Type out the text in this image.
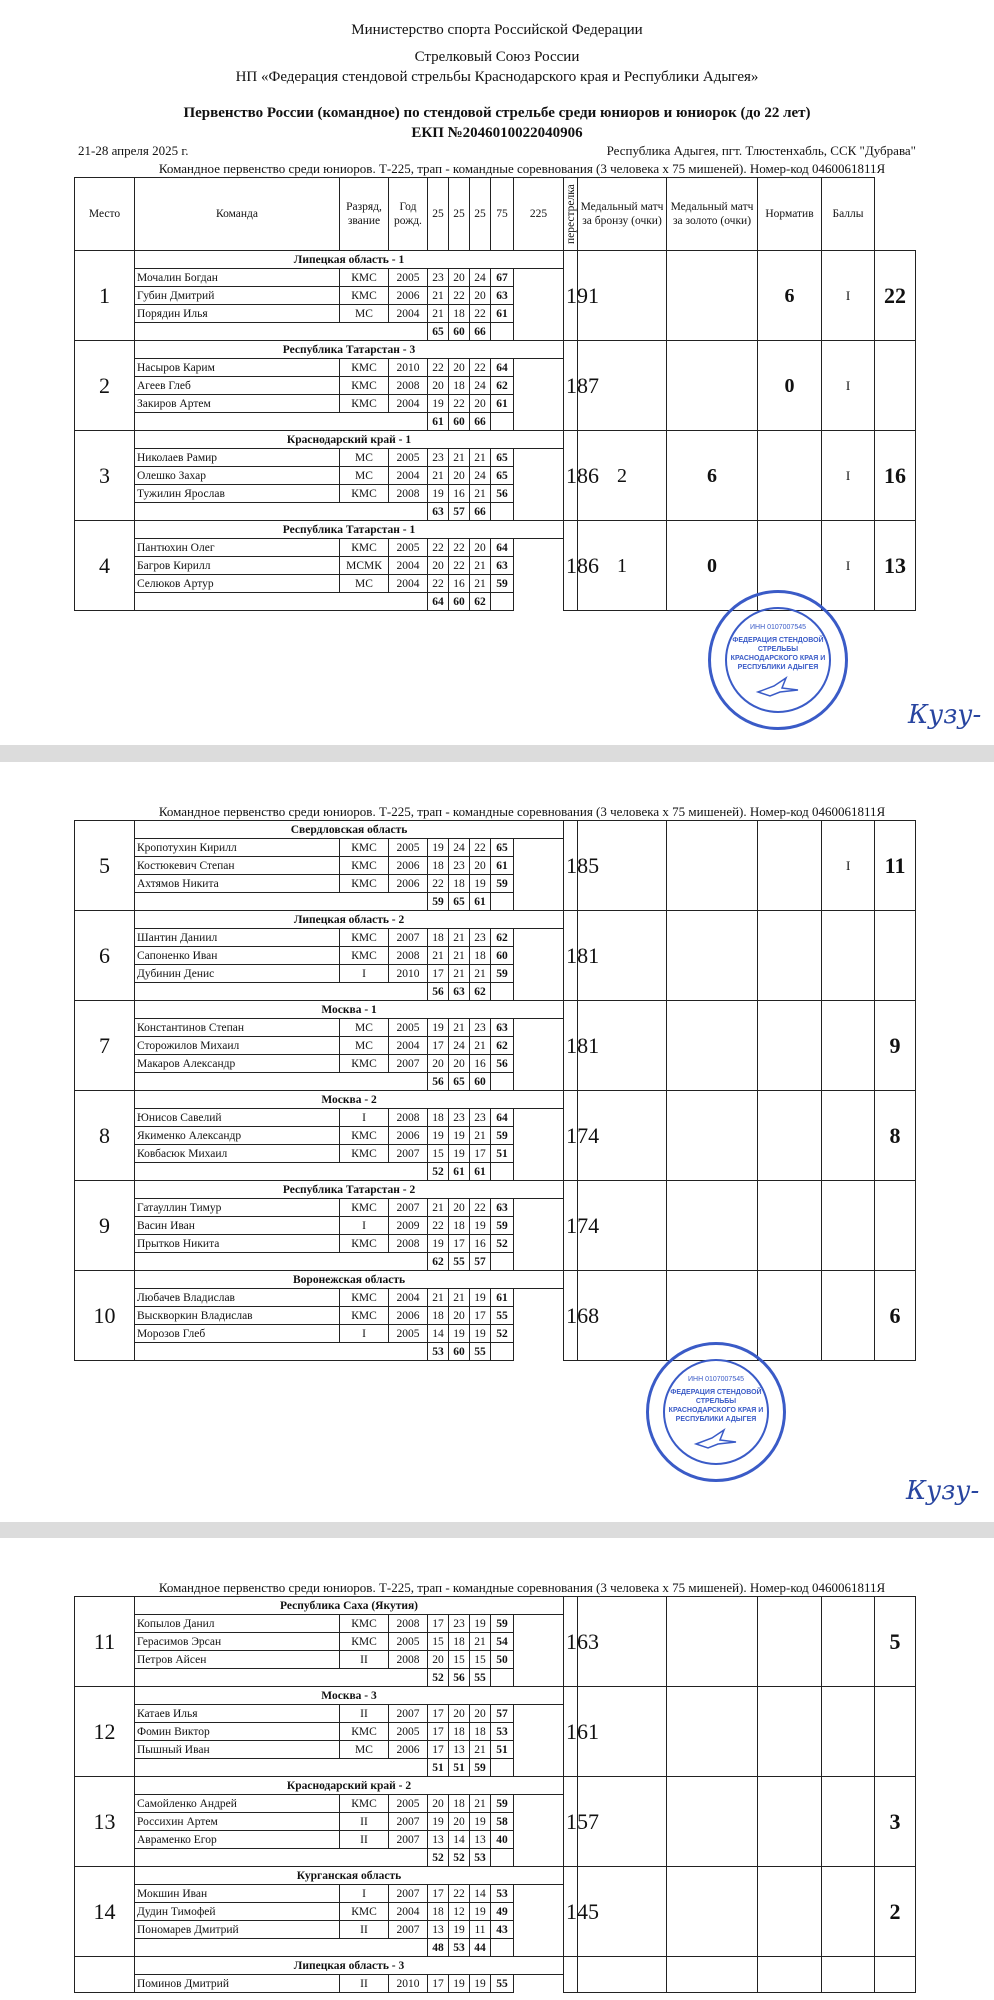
Министерство спорта Российской Федерации
Стрелковый Союз России
НП «Федерация стендовой стрельбы Краснодарского края и Республики Адыгея»
Первенство России (командное) по стендовой стрельбе среди юниоров и юниорок (до 22 лет)
ЕКП №2046010022040906
21-28 апреля 2025 г.	Республика Адыгея, пгт. Тлюстенхабль, ССК "Дубрава"
Командное первенство среди юниоров. Т-225, трап - командные соревнования (3 человека х 75 мишеней). Номер-код 0460061811Я
Место	Команда	Разряд, звание	Год рожд.	25	25	25	75	225	перестрелка	Медальный матч за бронзу (очки)	Медальный матч за золото (очки)	Норматив	Баллы	
1	Липецкая область - 1								191			6	I	22
	Мочалин Богдан	КМС	2005	23	20	24	67							
	Губин Дмитрий	КМС	2006	21	22	20	63							
	Порядин Илья	МС	2004	21	18	22	61							
				65	60	66								
2	Республика Татарстан - 3								187			0	I	
	Насыров Карим	КМС	2010	22	20	22	64							
	Агеев Глеб	КМС	2008	20	18	24	62							
	Закиров Артем	КМС	2004	19	22	20	61							
				61	60	66								
3	Краснодарский край - 1								186	2	6		I	16
	Николаев Рамир	МС	2005	23	21	21	65							
	Олешко Захар	МС	2004	21	20	24	65							
	Тужилин Ярослав	КМС	2008	19	16	21	56							
				63	57	66								
4	Республика Татарстан - 1								186	1	0		I	13
	Пантюхин Олег	КМС	2005	22	22	20	64							
	Багров Кирилл	МСМК	2004	20	22	21	63							
	Селюков Артур	МС	2004	22	16	21	59							
				64	60	62								
ИНН 0107007545
ФЕДЕРАЦИЯ СТЕНДОВОЙ СТРЕЛЬБЫ КРАСНОДАРСКОГО КРАЯ И РЕСПУБЛИКИ АДЫГЕЯ
Кузу-
Командное первенство среди юниоров. Т-225, трап - командные соревнования (3 человека х 75 мишеней). Номер-код 0460061811Я
5	Свердловская область							185				I	11
	Кропотухин Кирилл	КМС	2005	19	24	22	65						
	Костюкевич Степан	КМС	2006	18	23	20	61						
	Ахтямов Никита	КМС	2006	22	18	19	59						
				59	65	61							
6	Липецкая область - 2							181					
	Шантин Даниил	КМС	2007	18	21	23	62						
	Сапоненко Иван	КМС	2008	21	21	18	60						
	Дубинин Денис	I	2010	17	21	21	59						
				56	63	62							
7	Москва - 1							181					9
	Константинов Степан	МС	2005	19	21	23	63						
	Сторожилов Михаил	МС	2004	17	24	21	62						
	Макаров Александр	КМС	2007	20	20	16	56						
				56	65	60							
8	Москва - 2							174					8
	Юнисов Савелий	I	2008	18	23	23	64						
	Якименко Александр	КМС	2006	19	19	21	59						
	Ковбасюк Михаил	КМС	2007	15	19	17	51						
				52	61	61							
9	Республика Татарстан - 2							174					
	Гатауллин Тимур	КМС	2007	21	20	22	63						
	Васин Иван	I	2009	22	18	19	59						
	Прытков Никита	КМС	2008	19	17	16	52						
				62	55	57							
10	Воронежская область							168					6
	Любачев Владислав	КМС	2004	21	21	19	61						
	Выскворкин Владислав	КМС	2006	18	20	17	55						
	Морозов Глеб	I	2005	14	19	19	52						
				53	60	55							
ИНН 0107007545
ФЕДЕРАЦИЯ СТЕНДОВОЙ СТРЕЛЬБЫ КРАСНОДАРСКОГО КРАЯ И РЕСПУБЛИКИ АДЫГЕЯ
Кузу-
Командное первенство среди юниоров. Т-225, трап - командные соревнования (3 человека х 75 мишеней). Номер-код 0460061811Я
11	Республика Саха (Якутия)							163					5
	Копылов Данил	КМС	2008	17	23	19	59						
	Герасимов Эрсан	КМС	2005	15	18	21	54						
	Петров Айсен	II	2008	20	15	15	50						
				52	56	55							
12	Москва - 3							161					
	Катаев Илья	II	2007	17	20	20	57						
	Фомин Виктор	КМС	2005	17	18	18	53						
	Пышный Иван	МС	2006	17	13	21	51						
				51	51	59							
13	Краснодарский край - 2							157					3
	Самойленко Андрей	КМС	2005	20	18	21	59						
	Россихин Артем	II	2007	19	20	19	58						
	Авраменко Егор	II	2007	13	14	13	40						
				52	52	53							
14	Курганская область							145					2
	Мокшин Иван	I	2007	17	22	14	53						
	Дудин Тимофей	КМС	2004	18	12	19	49						
	Пономарев Дмитрий	II	2007	13	19	11	43						
				48	53	44							
	Липецкая область - 3												
	Поминов Дмитрий	II	2010	17	19	19	55						
